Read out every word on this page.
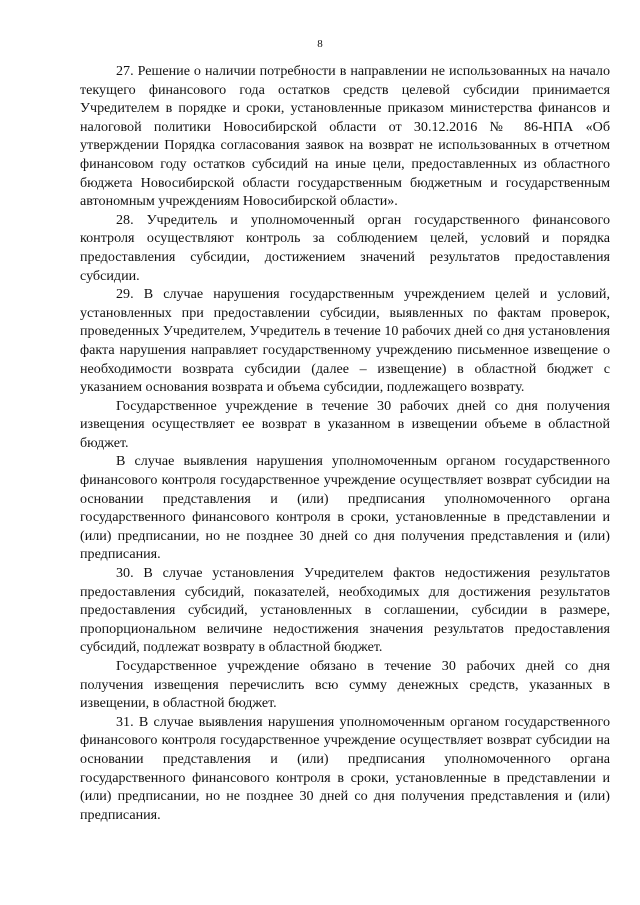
8

27. Решение о наличии потребности в направлении не использованных на начало текущего финансового года остатков средств целевой субсидии принимается Учредителем в порядке и сроки, установленные приказом министерства финансов и налоговой политики Новосибирской области от 30.12.2016 № 86-НПА «Об утверждении Порядка согласования заявок на возврат не использованных в отчетном финансовом году остатков субсидий на иные цели, предоставленных из областного бюджета Новосибирской области государственным бюджетным и государственным автономным учреждениям Новосибирской области».

28. Учредитель и уполномоченный орган государственного финансового контроля осуществляют контроль за соблюдением целей, условий и порядка предоставления субсидии, достижением значений результатов предоставления субсидии.

29. В случае нарушения государственным учреждением целей и условий, установленных при предоставлении субсидии, выявленных по фактам проверок, проведенных Учредителем, Учредитель в течение 10 рабочих дней со дня установления факта нарушения направляет государственному учреждению письменное извещение о необходимости возврата субсидии (далее – извещение) в областной бюджет с указанием основания возврата и объема субсидии, подлежащего возврату.

Государственное учреждение в течение 30 рабочих дней со дня получения извещения осуществляет ее возврат в указанном в извещении объеме в областной бюджет.

В случае выявления нарушения уполномоченным органом государственного финансового контроля государственное учреждение осуществляет возврат субсидии на основании представления и (или) предписания уполномоченного органа государственного финансового контроля в сроки, установленные в представлении и (или) предписании, но не позднее 30 дней со дня получения представления и (или) предписания.

30. В случае установления Учредителем фактов недостижения результатов предоставления субсидий, показателей, необходимых для достижения результатов предоставления субсидий, установленных в соглашении, субсидии в размере, пропорциональном величине недостижения значения результатов предоставления субсидий, подлежат возврату в областной бюджет.

Государственное учреждение обязано в течение 30 рабочих дней со дня получения извещения перечислить всю сумму денежных средств, указанных в извещении, в областной бюджет.

31. В случае выявления нарушения уполномоченным органом государственного финансового контроля государственное учреждение осуществляет возврат субсидии на основании представления и (или) предписания уполномоченного органа государственного финансового контроля в сроки, установленные в представлении и (или) предписании, но не позднее 30 дней со дня получения представления и (или) предписания.
